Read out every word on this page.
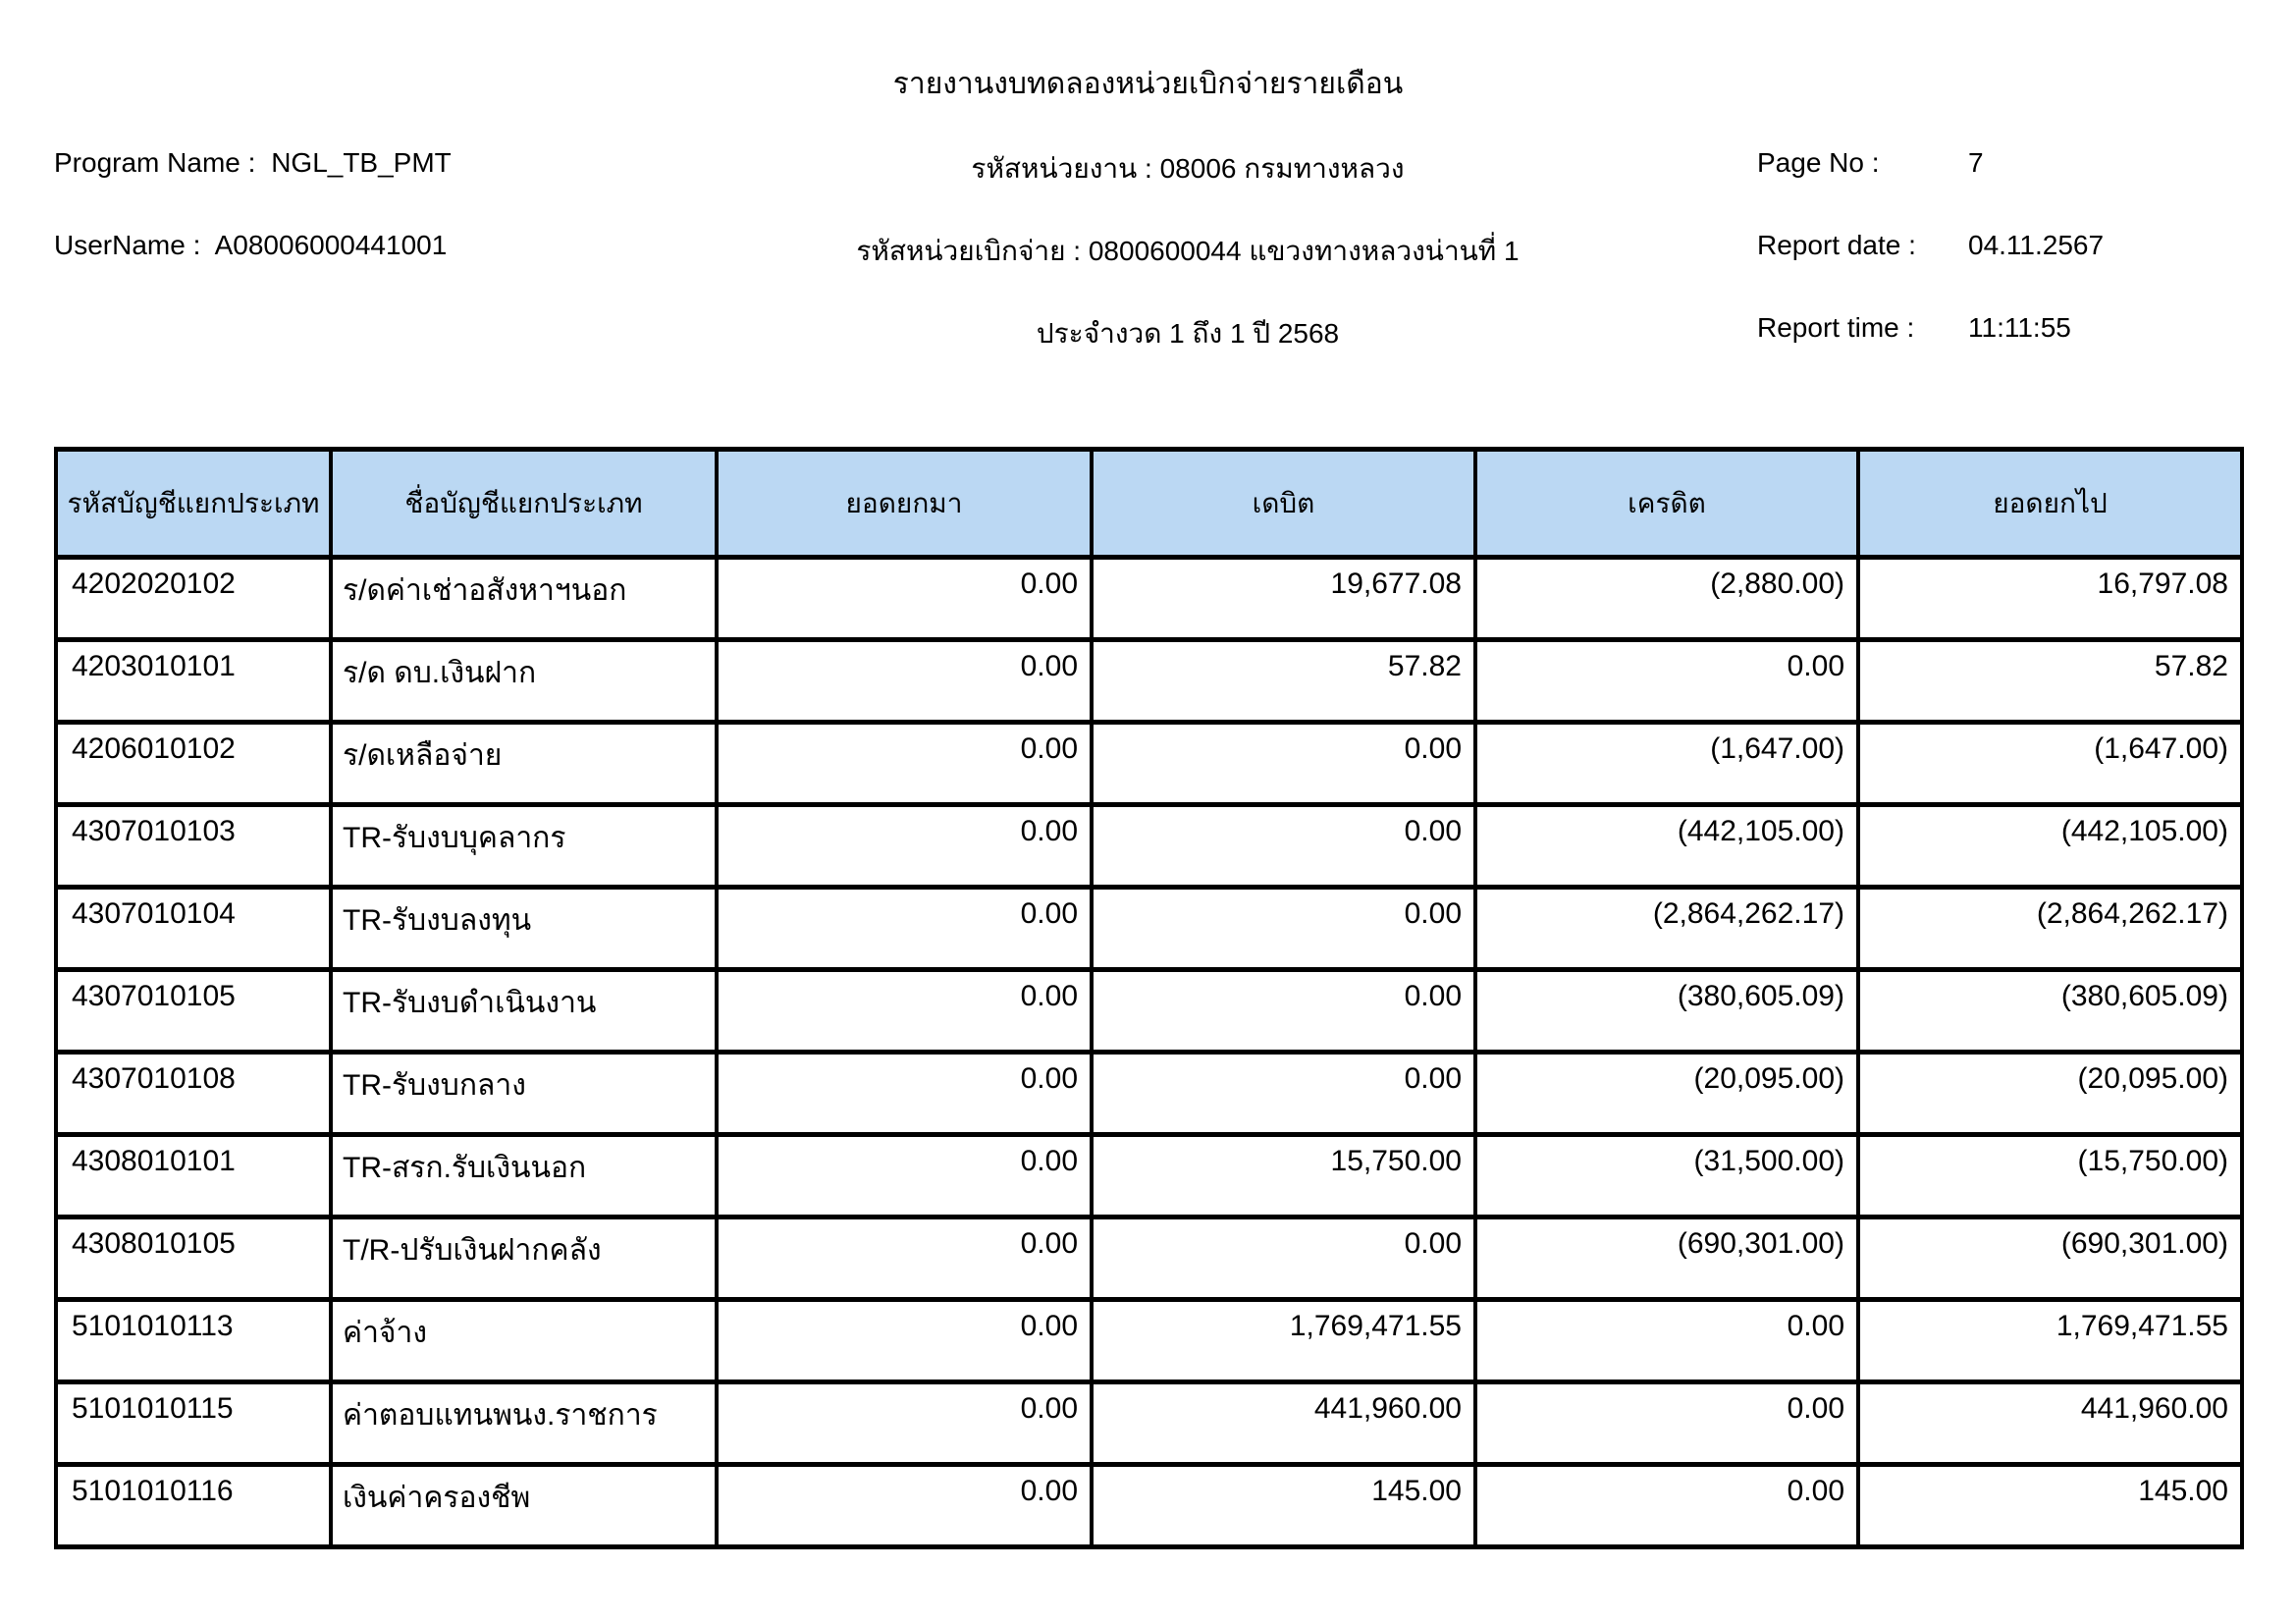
รายงานงบทดลองหน่วยเบิกจ่ายรายเดือน
Program Name : NGL_TB_PMT
UserName : A08006000441001
รหัสหน่วยงาน : 08006 กรมทางหลวง
รหัสหน่วยเบิกจ่าย : 0800600044 แขวงทางหลวงน่านที่ 1
ประจำงวด 1 ถึง 1 ปี 2568
Page No :	7
Report date : 04.11.2567
Report time : 11:11:55
รหัสบัญชีแยกประเภท	ชื่อบัญชีแยกประเภท	ยอดยกมา	เดบิต	เครดิต	ยอดยกไป
4202020102	ร/ดค่าเช่าอสังหาฯนอก	0.00	19,677.08	(2,880.00)	16,797.08
4203010101	ร/ด ดบ.เงินฝาก	0.00	57.82	0.00	57.82
4206010102	ร/ดเหลือจ่าย	0.00	0.00	(1,647.00)	(1,647.00)
4307010103	TR-รับงบบุคลากร	0.00	0.00	(442,105.00)	(442,105.00)
4307010104	TR-รับงบลงทุน	0.00	0.00	(2,864,262.17)	(2,864,262.17)
4307010105	TR-รับงบดำเนินงาน	0.00	0.00	(380,605.09)	(380,605.09)
4307010108	TR-รับงบกลาง	0.00	0.00	(20,095.00)	(20,095.00)
4308010101	TR-สรก.รับเงินนอก	0.00	15,750.00	(31,500.00)	(15,750.00)
4308010105	T/R-ปรับเงินฝากคลัง	0.00	0.00	(690,301.00)	(690,301.00)
5101010113	ค่าจ้าง	0.00	1,769,471.55	0.00	1,769,471.55
5101010115	ค่าตอบแทนพนง.ราชการ	0.00	441,960.00	0.00	441,960.00
5101010116	เงินค่าครองชีพ	0.00	145.00	0.00	145.00
